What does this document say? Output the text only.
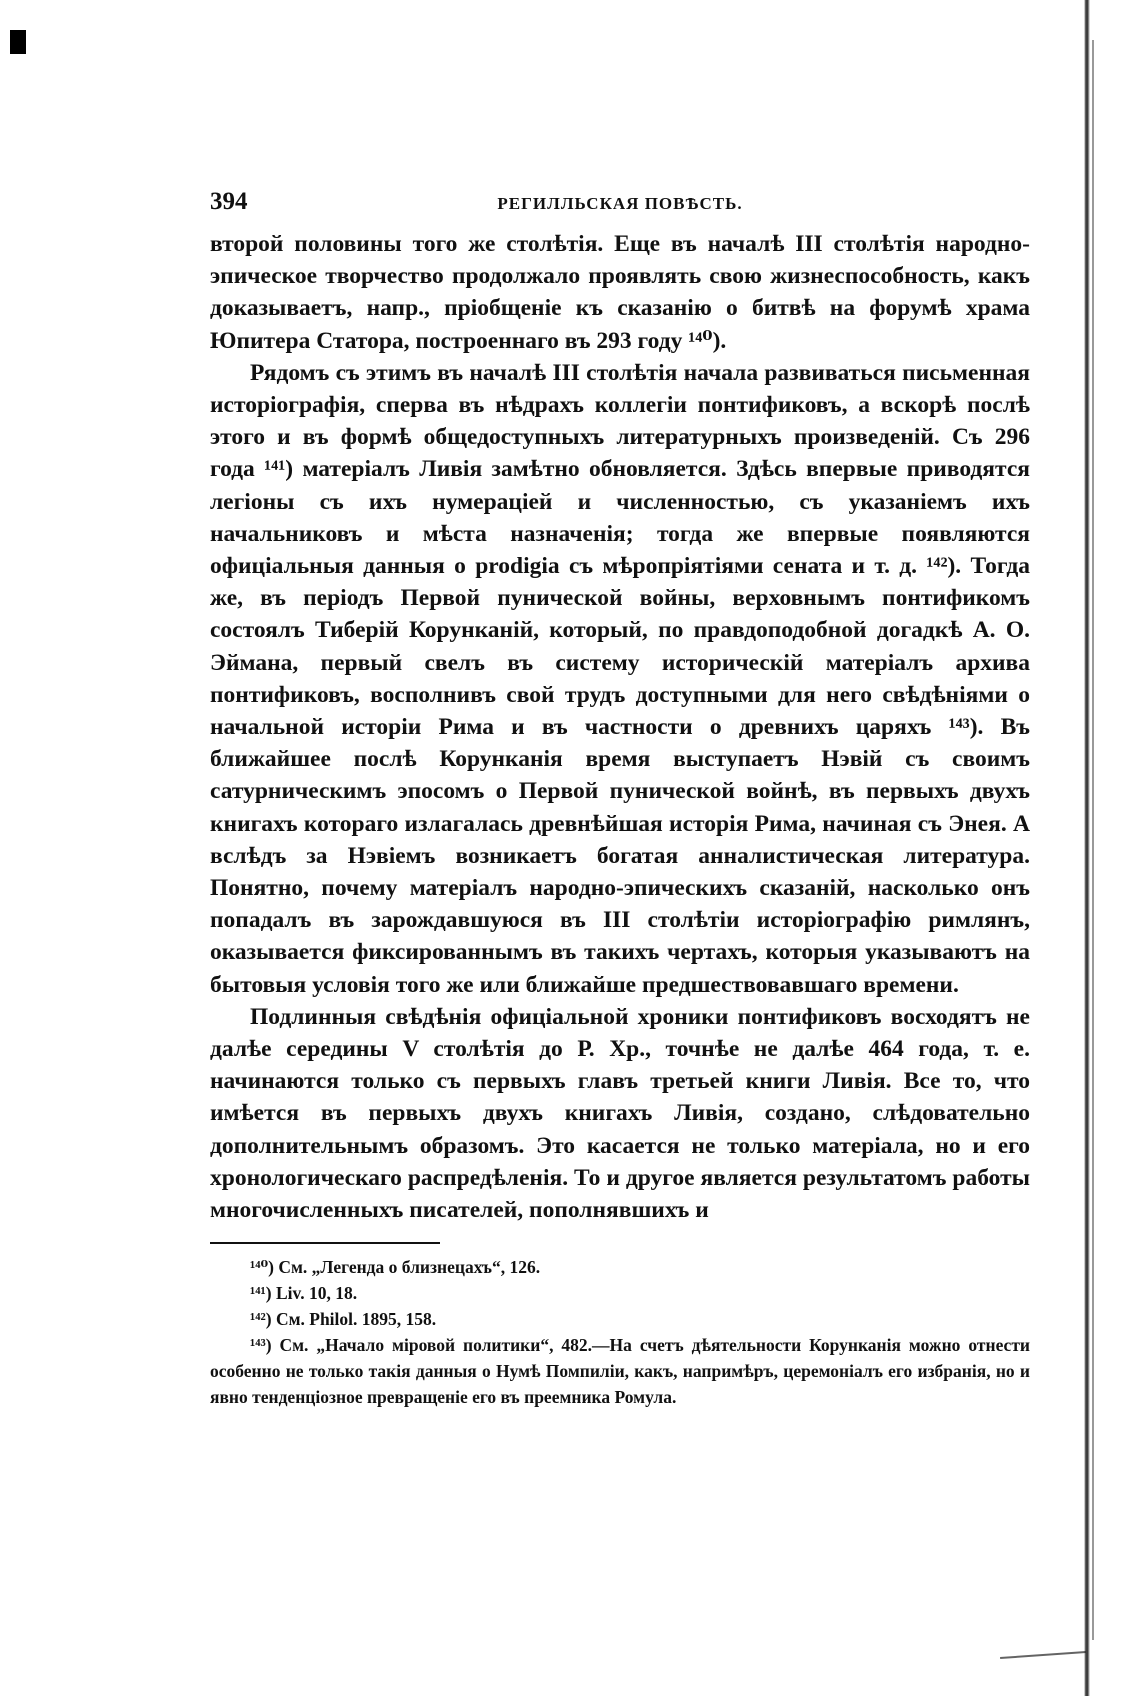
394	РЕГИЛЛЬСКАЯ ПОВѢСТЬ.

второй половины того же столѣтія. Еще въ началѣ III столѣтія народно-эпическое творчество продолжало проявлять свою жизнеспособность, какъ доказываетъ, напр., пріобщеніе къ сказанію о битвѣ на форумѣ храма Юпитера Статора, построеннаго въ 293 году ¹⁴⁰).

Рядомъ съ этимъ въ началѣ III столѣтія начала развиваться письменная исторіографія, сперва въ нѣдрахъ коллегіи понтификовъ, а вскорѣ послѣ этого и въ формѣ общедоступныхъ литературныхъ произведеній. Съ 296 года ¹⁴¹) матеріалъ Ливія замѣтно обновляется. Здѣсь впервые приводятся легіоны съ ихъ нумераціей и численностью, съ указаніемъ ихъ начальниковъ и мѣста назначенія; тогда же впервые появляются офиціальныя данныя о prodigia съ мѣропріятіями сената и т. д. ¹⁴²). Тогда же, въ періодъ Первой пунической войны, верховнымъ понтификомъ состоялъ Тиберій Корунканій, который, по правдоподобной догадкѣ А. О. Эймана, первый свелъ въ систему историческій матеріалъ архива понтификовъ, восполнивъ свой трудъ доступными для него свѣдѣніями о начальной исторіи Рима и въ частности о древнихъ царяхъ ¹⁴³). Въ ближайшее послѣ Корунканія время выступаетъ Нэвій съ своимъ сатурническимъ эпосомъ о Первой пунической войнѣ, въ первыхъ двухъ книгахъ котораго излагалась древнѣйшая исторія Рима, начиная съ Энея. А вслѣдъ за Нэвіемъ возникаетъ богатая анналистическая литература. Понятно, почему матеріалъ народно-эпическихъ сказаній, насколько онъ попадалъ въ зарождавшуюся въ III столѣтіи исторіографію римлянъ, оказывается фиксированнымъ въ такихъ чертахъ, которыя указываютъ на бытовыя условія того же или ближайше предшествовавшаго времени.

Подлинныя свѣдѣнія офиціальной хроники понтификовъ восходятъ не далѣе середины V столѣтія до Р. Хр., точнѣе не далѣе 464 года, т. е. начинаются только съ первыхъ главъ третьей книги Ливія. Все то, что имѣется въ первыхъ двухъ книгахъ Ливія, создано, слѣдовательно дополнительнымъ образомъ. Это касается не только матеріала, но и его хронологическаго распредѣленія. То и другое является результатомъ работы многочисленныхъ писателей, пополнявшихъ и

¹⁴⁰) См. „Легенда о близнецахъ“, 126.

¹⁴¹) Liv. 10, 18.

¹⁴²) См. Philol. 1895, 158.

¹⁴³) См. „Начало міровой политики“, 482.—На счетъ дѣятельности Корунканія можно отнести особенно не только такія данныя о Нумѣ Помпиліи, какъ, напримѣръ, церемоніалъ его избранія, но и явно тенденціозное превращеніе его въ преемника Ромула.
